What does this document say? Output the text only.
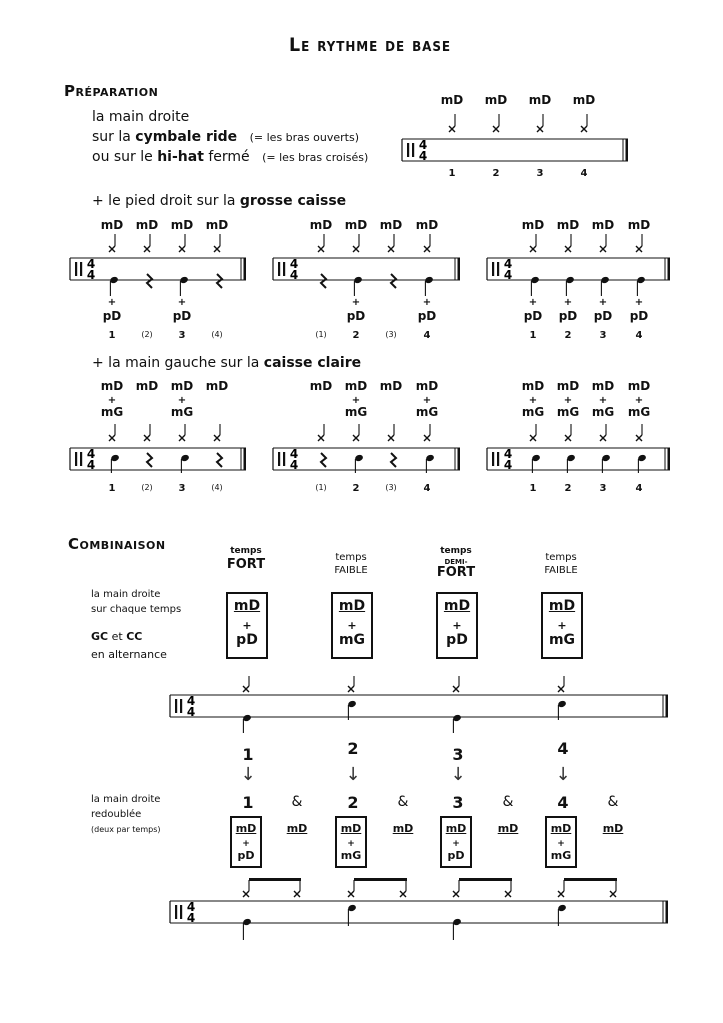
4
4
4
4
4
4
4
4
4
4
4
4
4
4
4
4
4
4
Le rythme de base
Préparation
la main droite
sur la cymbale ride (= les bras ouverts)
ou sur le hi-hat fermé (= les bras croisés)
+ le pied droit sur la grosse caisse
+ la main gauche sur la caisse claire
Combinaison
la main droite
sur chaque temps
GC et CC
en alternance
la main droite
redoublée
(deux par temps)
mD
1
mD
2
mD
3
mD
4
mD
+
pD
1
mD
(2)
mD
+
pD
3
mD
(4)
mD
(1)
mD
+
pD
2
mD
(3)
mD
+
pD
4
mD
+
pD
1
mD
+
pD
2
mD
+
pD
3
mD
+
pD
4
mD
+
mG
1
mD
(2)
mD
+
mG
3
mD
(4)
mD
(1)
mD
+
mG
2
mD
(3)
mD
+
mG
4
mD
+
mG
1
mD
+
mG
2
mD
+
mG
3
mD
+
mG
4
temps
FORT	temps
FAIBLE
temps
DEMI-
FORT
temps
FAIBLE
mD
+
pD
mD
+
mG
mD
+
pD
mD
+
mG
1
↓
2
↓
3
↓
4
↓
1	&
mD
+
pD
mD
2	&
mD
+
mG
mD
3	&
mD
+
pD
mD
4	&
mD
+
mG
mD
